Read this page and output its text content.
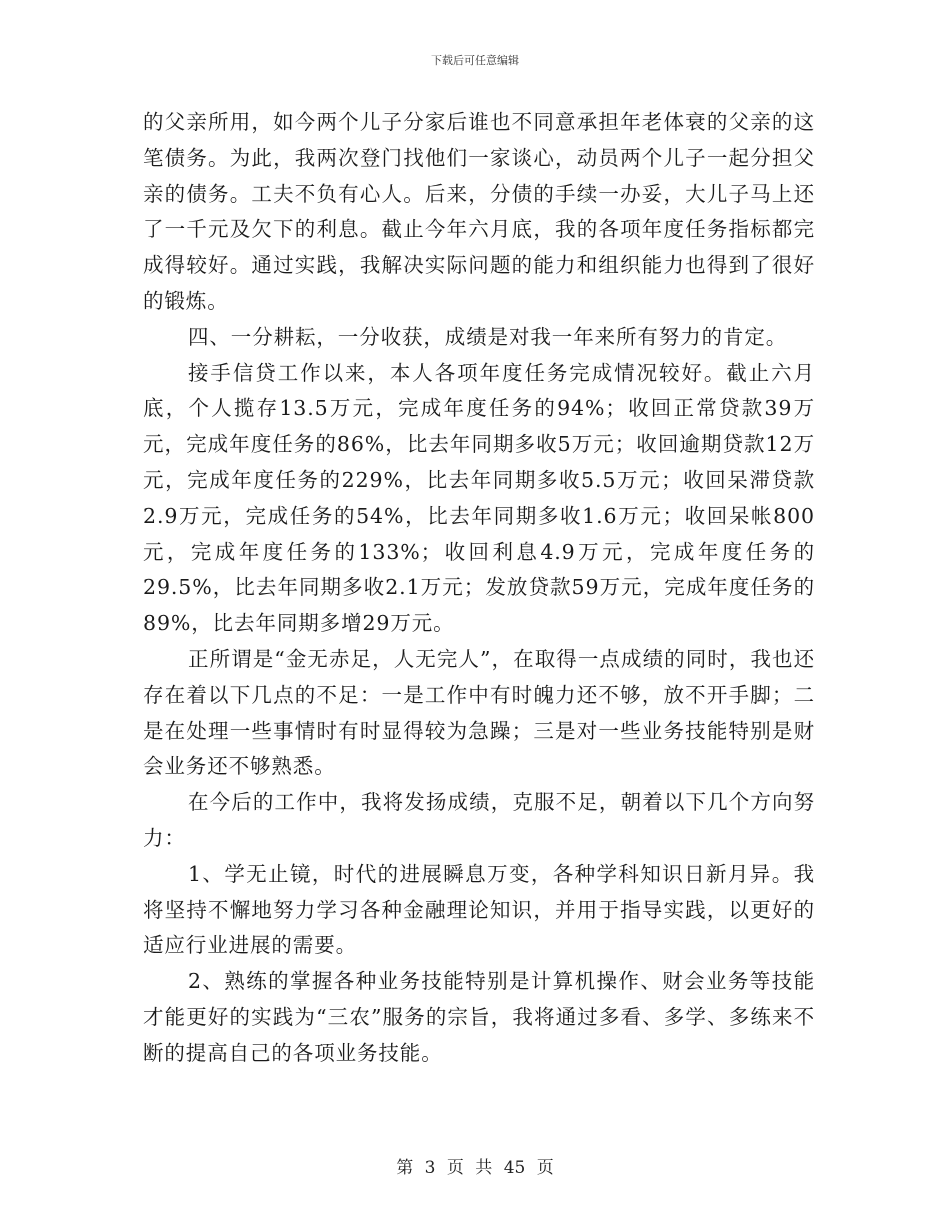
下载后可任意编辑

的父亲所用，如今两个儿子分家后谁也不同意承担年老体衰的父亲的这笔债务。为此，我两次登门找他们一家谈心，动员两个儿子一起分担父亲的债务。工夫不负有心人。后来，分债的手续一办妥，大儿子马上还了一千元及欠下的利息。截止今年六月底，我的各项年度任务指标都完成得较好。通过实践，我解决实际问题的能力和组织能力也得到了很好的锻炼。

四、一分耕耘，一分收获，成绩是对我一年来所有努力的肯定。

接手信贷工作以来，本人各项年度任务完成情况较好。截止六月底，个人揽存13.5万元，完成年度任务的94%；收回正常贷款39万元，完成年度任务的86%，比去年同期多收5万元；收回逾期贷款12万元，完成年度任务的229%，比去年同期多收5.5万元；收回呆滞贷款2.9万元，完成任务的54%，比去年同期多收1.6万元；收回呆帐800元，完成年度任务的133%；收回利息4.9万元，完成年度任务的29.5%，比去年同期多收2.1万元；发放贷款59万元，完成年度任务的89%，比去年同期多增29万元。

正所谓是“金无赤足，人无完人”，在取得一点成绩的同时，我也还存在着以下几点的不足：一是工作中有时魄力还不够，放不开手脚；二是在处理一些事情时有时显得较为急躁；三是对一些业务技能特别是财会业务还不够熟悉。

在今后的工作中，我将发扬成绩，克服不足，朝着以下几个方向努力：

1、学无止镜，时代的进展瞬息万变，各种学科知识日新月异。我将坚持不懈地努力学习各种金融理论知识，并用于指导实践，以更好的适应行业进展的需要。

2、熟练的掌握各种业务技能特别是计算机操作、财会业务等技能才能更好的实践为“三农”服务的宗旨，我将通过多看、多学、多练来不断的提高自己的各项业务技能。

第 3 页 共 45 页
